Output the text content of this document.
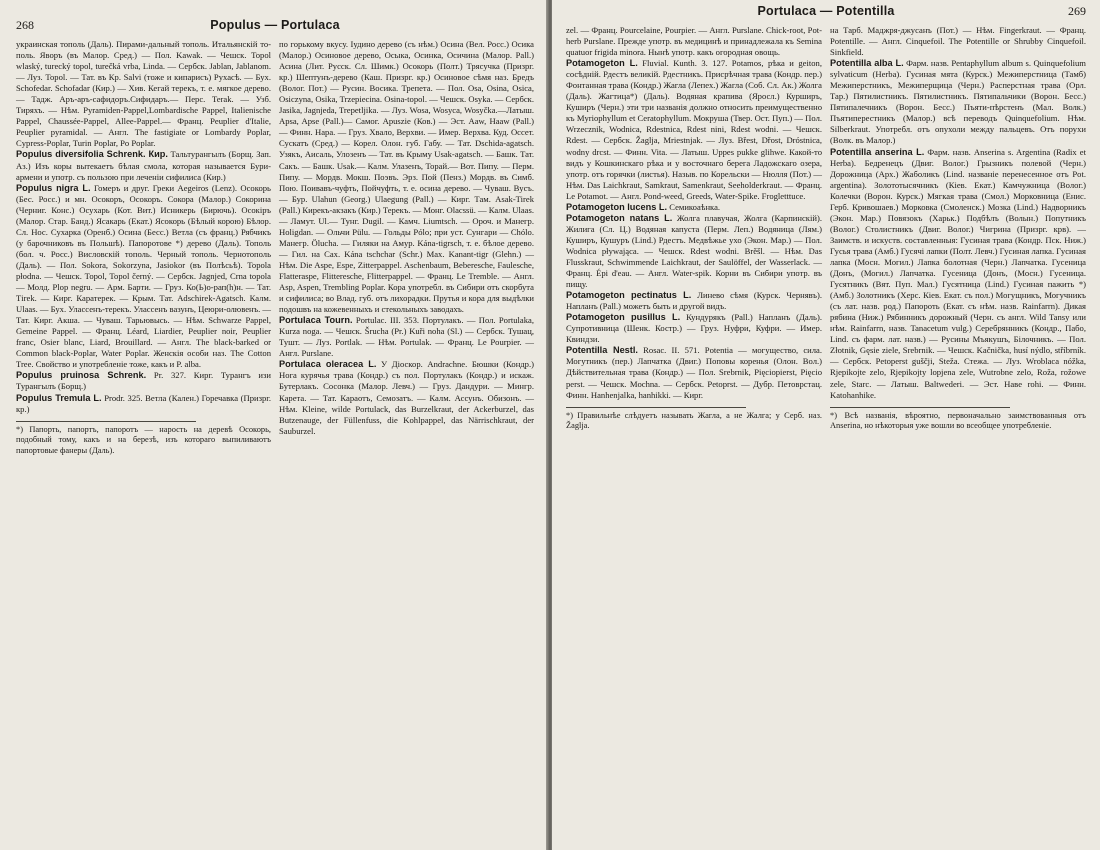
268	Populus — Portulaca

украинская тополь (Даль). Пирами-дальный тополь. Итальянскій то-поль. Яворъ (въ Малор. Сред.) — Пол. Kawak. — Чешск. Topol wlaský, turecký topol, turečká vrba, Linda. — Сербск. Jablan, Jablanom. — Луз. Topol. — Тат. въ Кр. Salvi (тоже и кипарисъ) Рухасѣ. — Бух. Schofedar. Schofadar (Кир.) — Хив. Кегай терекъ, т. е. мягкое дерево. — Тадж. Аръ-аръ-сафидоръ.Сифидаръ.— Перс. Terak. — Узб. Тиряхъ. — Нѣм. Pyramiden-Pappel,Lombardische Pappel, Italienische Pappel, Chaussée-Pappel, Allee-Pappel.— Франц. Peuplier d'Italie, Peuplier pyramidal. — Англ. The fastigiate or Lombardy Poplar, Cypress-Poplar, Turin Poplar, Po Poplar.

Populus diversifolia Schrenk. Кир. Тальтурангылъ (Борщ. Зап. Аз.) Изъ коры вытекаетъ бѣлая смола, которая называется Бури-армени и употр. съ пользою при леченіи сифилиса (Кир.)
Populus nigra L. Гомеръ и друг. Греки Aegeiros (Lenz). Осокорь (Бес. Росс.) и мн. Осокоръ, Осокоръ. Сокора (Малор.) Сокорина (Черниг. Конс.) Осухарь (Кот. Вит.) Исникерь (Бирючь). Осокіръ (Малор. Стар. Банд.) Ясакарь (Екат.) Ясокорь (Бѣлый корою) Бѣлор. Сл. Нос. Сухарка (Оренб.) Осина (Бесс.) Ветла (съ франц.) Рябчикъ (у барочниковъ въ Польшѣ). Папоротове *) дерево (Даль). Тополь (бол. ч. Росс.) Висловскій тополь. Черный тополь. Чернотополь (Даль). — Пол. Sokora, Sokorzyna, Jasiokor (въ Полѣсьѣ). Topola płodna. — Чешск. Topol, Topol černý. — Сербск. Jagnjed, Crna topola — Молд. Plop negru. — Арм. Барти. — Груз. Ко(Ь)о-рап(h)н. — Тат. Тirek. — Кирг. Каратерек. — Крым. Тат. Adschirek-Agatsch. Калм. Ulaas. — Бух. Улассенъ-терекъ. Улассенъ вазунъ, Цеюри-олювенъ. — Тат. Кирг. Акша. — Чуваш. Тарьювысь. — Нѣм. Schwarze Pappel, Gemeine Pappel. — Франц. Léard, Liardier, Peuplier noir, Peuplier franc, Osier blanc, Liard, Brouillard. — Англ. The black-barked or Common black-Poplar, Water Poplar. Женскія особи наз. The Cotton Tree. Свойство и употребленіе тоже, какъ и P. alba.
Populus pruinosa Schrenk. Pr. 327. Кирг. Турангъ изи Турангылъ (Борщ.)
Populus Tremula L. Prodr. 325. Ветла (Кален.) Горечавка (Призрг. кр.)

*) Папорть, папортъ, папоротъ — нарость на деревѣ Осокорь, подобный тому, какъ и на березѣ, изъ котораго выпиливаютъ папортовые фанеры (Даль).

по горькому вкусу. Іудино дерево (съ нѣм.) Осина (Вел. Росс.) Осика (Малор.) Осиновое дерево, Осыка, Осинка, Осичина (Малор. Pall.) Асина (Лит. Русск. Сл. Шимк.) Осокорь (Полт.) Трясучка (Призрг. кр.) Шептунъ-дерево (Каш. Призрг. кр.) Осиновое сѣмя наз. Бредъ (Волог. Пот.) — Русин. Восика. Трепета. — Пол. Osa, Osina, Osica, Osiczyna, Osika, Trzepiecina. Osina-topol. — Чешск. Osyka. — Сербск. Jasika, Jagnjeda, Trepetljika. — Луз. Wosa, Wosyca, Wosyčka.—Латыш. Apsa, Apse (Pall.)— Самог. Apuszie (Ков.) — Эст. Aaw, Haaw (Pall.) — Финн. Нара. — Груз. Хвало, Верхви. — Имер. Верхва. Куд. Оссет. Сускатъ (Сред.) — Корел. Олон. губ. Габу. — Тат. Dschida-agatsch. Узякъ, Аисаль, Улозенъ — Тат. въ Крыму Usak-agatsch. — Башк. Тат. Сакъ. — Башк. Usak.— Калм. Улазенъ, Торай.— Вот. Пипу. — Перм. Пипу. — Мордв. Мокш. Поэвъ. Эрз. Пой (Пенз.) Мордв. въ Симб. Пою. Поивавъ-чуфть, Пойчуфть, т. е. осина дерево. — Чуваш. Вусъ. — Бур. Ulahun (Georg.) Ulaegung (Pall.) — Кирг. Там. Asak-Tirek (Pall.) Кирекъ-акзакъ (Кир.) Терекъ. — Монг. Olacssü. — Калм. Ulaas. — Ламут. Ul.— Тунг. Dugil. — Камч. Liumtsch. — Ороч. и Манегр. Holigdan. — Ольчи Pülu. — Гольды Pólo; при уст. Сунгари — Chólo. Манегр. Ölucha. — Гиляки на Амур. Kána-tigrsch, т. е. бѣлое дерево. — Гил. на Сах. Kána tschchar (Schr.) Мах. Kanant-tigr (Glehn.) — Нѣм. Die Aspe, Espe, Zitterpappel. Aschenbaum, Beberesche, Faulesche, Flatteraspe, Flitteresche, Flitterpappel. — Франц. Le Tremble. — Англ. Asp, Aspen, Trembling Poplar. Кора употребл. въ Сибири отъ скорбута и сифилиса; во Влад. губ. отъ лихорадки. Прутья и кора для выдѣлки подошвъ на кожевенныхъ и стекольныхъ заводахъ.

Portulaca Tourn. Portulac. III. 353. Портулакъ. — Пол. Portulaka, Kurza noga. — Чешск. Šrucha (Pr.) Kuři noha (Sl.) — Сербск. Тушац, Тушт. — Луз. Portlak. — Нѣм. Portulak. — Франц. Le Pourpier. — Англ. Purslane.
Portulaca oleracea L. У Діоскор. Andrachne. Бюшки (Кондр.) Нога курячья трава (Кондр.) съ пол. Портулакъ (Кондр.) и искаж. Бутерлакъ. Сосонка (Малор. Левч.) — Груз. Дандури. — Мингр. Карета. — Тат. Караотъ, Семозатъ. — Калм. Ассунъ. Обизонъ. — Нѣм. Kleine, wilde Portulack, das Burzelkraut, der Ackerburzel, das Butzenauge, der Füllenfuss, die Kohlpappel, das Närrischkraut, der Sauburzel.
Portulaca — Potentilla	269

zel. — Франц. Pourcelaine, Pourpier. — Англ. Purslane. Chick-root, Pot-herb Purslane. Прежде употр. въ медицинѣ и принадлежала къ Semina quatuor frigida minora. Нынѣ употр. какъ огородная овощь.

Potamogeton L. Fluvial. Kunth. 3. 127. Potamos, рѣка и geiton, сосѣдній. Рдестъ великій. Рдестникъ. Присрѣчная трава (Кондр. пер.) Фонтанная трава (Кондр.) Жагла (Лепех.) Жагла (Соб. Сл. Ак.) Жолга (Даль). Жагтица*) (Даль). Водяная крапива (Яросл.) Курширъ, Куширъ (Черн.) эти три названія должно относить преимущественно къ Myriophyllum et Ceratophyllum. Мокруша (Твер. Ост. Пуп.) — Пол. Wrzecznik, Wodnica, Rdestnica, Rdest nini, Rdest wodni. — Чешск. Rdest. — Сербск. Žaglja, Mriestnjak. — Луз. Břest, Dřost, Dróstnica, wodny drcst. — Финн. Vita. — Латыш. Uppes pukke glihwe. Какой-то видъ у Кошкинскаго рѣка и у восточнаго берега Ладожскаго озера, употр. отъ горячки (листья). Назыв. по Корельски — Нюлля (Пот.) — Нѣм. Das Laichkraut, Samkraut, Samenkraut, Seeholderkraut. — Франц. Le Potamot. — Англ. Pond-weed, Greeds, Water-Spike. Frogletttuce.
Potamogeton lucens L. Семикоаѣнка.
Potamogeton natans L. Жолга плавучая, Жолга (Карпинскій). Жилига (Сл. Ц.) Водяная капуста (Перм. Леп.) Водяница (Лям.) Куширъ, Кушуръ (Lind.) Рдестъ. Медвѣжье ухо (Экон. Мар.) — Пол. Wodnica pływająca. — Чешск. Rdest wodni. Brěšl. — Нѣм. Das Flusskraut, Schwimmende Laichkraut, der Saulöffel, der Wasserlack. — Франц. Épi d'eau. — Англ. Water-spik. Корни въ Сибири употр. въ пищу.
Potamogeton pectinatus L. Линево сѣмя (Курск. Чернявъ). Напланъ (Pall.) можетъ быть и другой видъ.
Potamogeton pusillus L. Кундурякъ (Pall.) Напланъ (Даль). Супротивница (Шенк. Костр.) — Груз. Нуфри, Куфри. — Имер. Квиндзи.
Potentilla Nestl. Rosac. II. 571. Potentia — могущество, сила. Могутникъ (пер.) Лапчатка (Двиг.) Поповы коренья (Олон. Вол.) Дѣйствительная трава (Кондр.) — Пол. Srebrnik, Pięciopierst, Pięcio perst. — Чешск. Mochna. — Сербск. Petoprst. — Дубр. Петоврстац. Финн. Hanhenjalka, hanhikki. — Кирг.

*) Правильнѣе слѣдуетъ называть Жагла, а не Жалга; у Серб. наз. Žaglja.

на Тарб. Маджря-джусанъ (Пот.) — Нѣм. Fingerkraut. — Франц. Potentille. — Англ. Cinquefoil. The Potentille or Shrubby Cinquefoil. Sinkfield.

Potentilla alba L. Фарм. назв. Pentaphyllum album s. Quinquefolium sylvaticum (Herba). Гусиная мята (Курск.) Межиперстница (Тамб) Межиперстникъ, Межиперщица (Черн.) Расперстная трава (Орл. Тар.) Пятилистникъ. Пятилистникъ. Пятипальчики (Ворон. Бесс.) Пятипалечникъ (Ворон. Бесс.) Пъяти-пѣрстенъ (Мал. Волк.) Пъятиперестникъ (Малор.) всѣ переводъ Quinquefolium. Нѣм. Silberkraut. Употребл. отъ опухоли между пальцевъ. Отъ порухи (Волк. въ Малор.)
Potentilla anserina L. Фарм. назв. Anserina s. Argentina (Radix et Herba). Бедренецъ (Двиг. Волог.) Грызникъ полевой (Черн.) Дорожница (Арх.) Жаболикъ (Lind. названіе перенесенное отъ Pot. argentina). Золототысячникъ (Кіев. Екат.) Камчужница (Волог.) Колечки (Ворон. Курск.) Мягкая трава (Смол.) Морковница (Енис. Герб. Кривошаев.) Морковка (Смоленск.) Мозка (Lind.) Надворникъ (Экон. Мар.) Повязокъ (Харьк.) Подбѣлъ (Волын.) Попутникъ (Волог.) Столистникъ (Двиг. Волог.) Чигрина (Призрг. крв). — Заимств. и искуств. составленныя: Гусиная трава (Кондр. Пск. Ниж.) Гусья трава (Амб.) Гусячі лапки (Полт. Левч.) Гусиная лапка. Гусиная лапка (Мосн. Могил.) Лапка болотная (Черн.) Лапчатка. Гусеница (Донъ, (Могил.) Лапчатка. Гусеница (Донъ, (Мосн.) Гусеница. Гусятникъ (Вят. Пуп. Мал.) Гусятница (Lind.) Гусиная пажить *) (Амб.) Золотникъ (Херс. Кіев. Екат. съ пол.) Могущникъ, Могучникъ (съ лат. назв. род.) Папороть (Екат. съ нѣм. назв. Rainfarrn). Дикая рябина (Ниж.) Рябинникъ дорожный (Черн. съ англ. Wild Tansy или нѣм. Rainfarrn, назв. Tanacetum vulg.) Серебрянникъ (Кондр., Пабо, Lind. съ фарм. лат. назв.) — Русины Мъякушъ, Білочникъ. — Пол. Złotnik, Gęsie ziele, Srebrnik. — Чешск. Kačnička, husí nýdlo, stříbrník. — Сербск. Petoperst guščji, Steža. Стежа. — Луз. Wroblaca nóžka, Rjepikojte zelo, Rjepikojty lopjena zele, Wutrobne zelo, Roža, rožowe zele, Starc. — Латыш. Baltwederi. — Эст. Наве rohi. — Финн. Katohanhike.

*) Всѣ названія, вѣроятно, первоначально заимствованныя отъ Anserina, но нѣкоторыя уже вошли во всеобщее употребленіе.
